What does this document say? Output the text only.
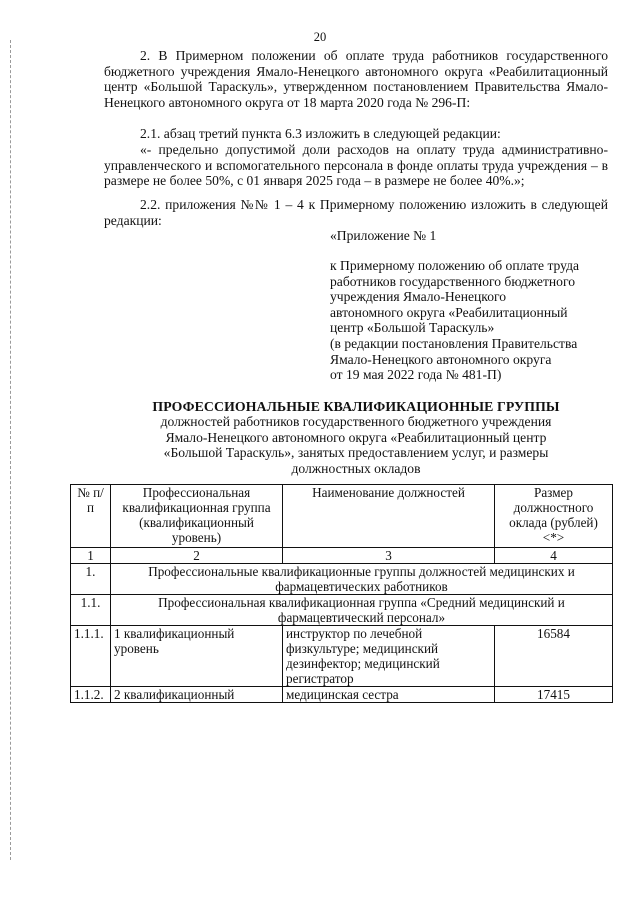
20
2. В Примерном положении об оплате труда работников государственного бюджетного учреждения Ямало-Ненецкого автономного округа «Реабилитационный центр «Большой Тараскуль», утвержденном постановлением Правительства Ямало-Ненецкого автономного округа от 18 марта 2020 года № 296-П:
2.1. абзац третий пункта 6.3 изложить в следующей редакции:
«- предельно допустимой доли расходов на оплату труда административно-управленческого и вспомогательного персонала в фонде оплаты труда учреждения – в размере не более 50%, с 01 января 2025 года – в размере не более 40%.»;
2.2. приложения №№ 1 – 4 к Примерному положению изложить в следующей редакции:
«Приложение № 1
к Примерному положению об оплате труда
работников государственного бюджетного
учреждения Ямало-Ненецкого
автономного округа «Реабилитационный
центр «Большой Тараскуль»
(в редакции постановления Правительства
Ямало-Ненецкого автономного округа
от 19 мая 2022 года № 481-П)
ПРОФЕССИОНАЛЬНЫЕ КВАЛИФИКАЦИОННЫЕ ГРУППЫ
должностей работников государственного бюджетного учреждения
Ямало-Ненецкого автономного округа «Реабилитационный центр
«Большой Тараскуль», занятых предоставлением услуг, и размеры
должностных окладов
№ п/п	Профессиональная квалификационная группа (квалификационный уровень)	Наименование должностей	Размер должностного оклада (рублей) <*>
1	2	3	4
1.	Профессиональные квалификационные группы должностей медицинских и фармацевтических работников		
1.1.	Профессиональная квалификационная группа «Средний медицинский и фармацевтический персонал»		
1.1.1.	1 квалификационный уровень	инструктор по лечебной физкультуре; медицинский дезинфектор; медицинский регистратор	16584
1.1.2.	2 квалификационный	медицинская сестра	17415
